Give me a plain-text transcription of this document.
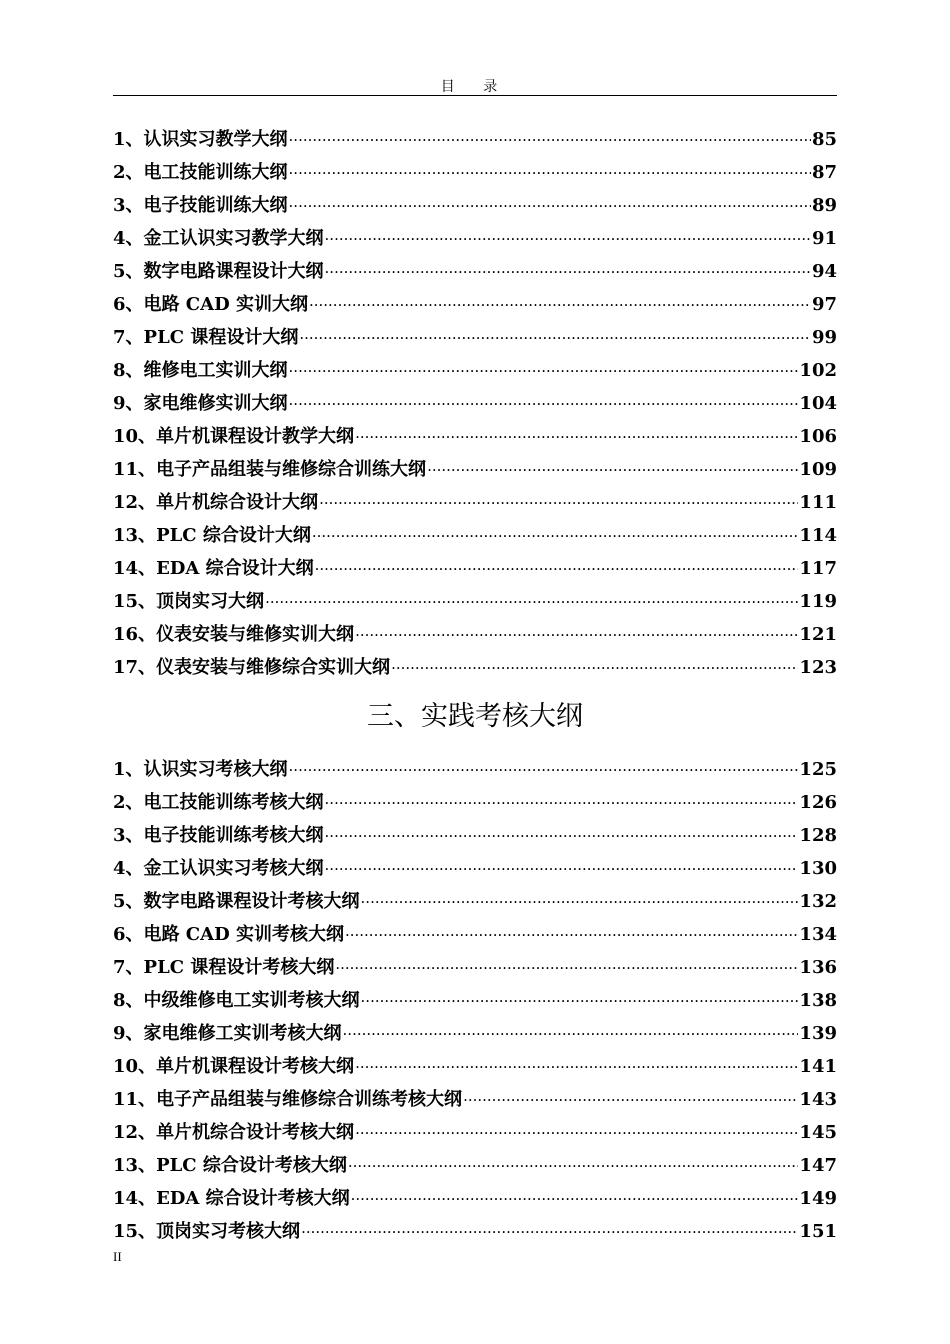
目 录
1、 认识实习教学大纲 ·····	85
2、 电工技能训练大纲 ·····	87
3、 电子技能训练大纲 ·····	89
4、 金工认识实习教学大纲 ·····	91
5、 数字电路课程设计大纲 ·····	94
6、 电路 CAD 实训大纲 ·····	97
7、 PLC 课程设计大纲 ·····	99
8、 维修电工实训大纲 ·····	102
9、 家电维修实训大纲 ·····	104
10、 单片机课程设计教学大纲 ·····	106
11、 电子产品组装与维修综合训练大纲 ·····	109
12、 单片机综合设计大纲 ·····	111
13、 PLC 综合设计大纲 ·····	114
14、 EDA 综合设计大纲 ·····	117
15、 顶岗实习大纲 ·····	119
16、 仪表安装与维修实训大纲 ·····	121
17、 仪表安装与维修综合实训大纲 ·····	123
三、实践考核大纲
1、 认识实习考核大纲 ·····	125
2、 电工技能训练考核大纲 ·····	126
3、 电子技能训练考核大纲 ·····	128
4、 金工认识实习考核大纲 ·····	130
5、 数字电路课程设计考核大纲 ·····	132
6、 电路 CAD 实训考核大纲 ·····	134
7、 PLC 课程设计考核大纲 ·····	136
8、 中级维修电工实训考核大纲 ·····	138
9、 家电维修工实训考核大纲 ·····	139
10、 单片机课程设计考核大纲 ·····	141
11、 电子产品组装与维修综合训练考核大纲 ·····	143
12、 单片机综合设计考核大纲 ·····	145
13、 PLC 综合设计考核大纲 ·····	147
14、 EDA 综合设计考核大纲 ·····	149
15、 顶岗实习考核大纲 ·····	151
II
